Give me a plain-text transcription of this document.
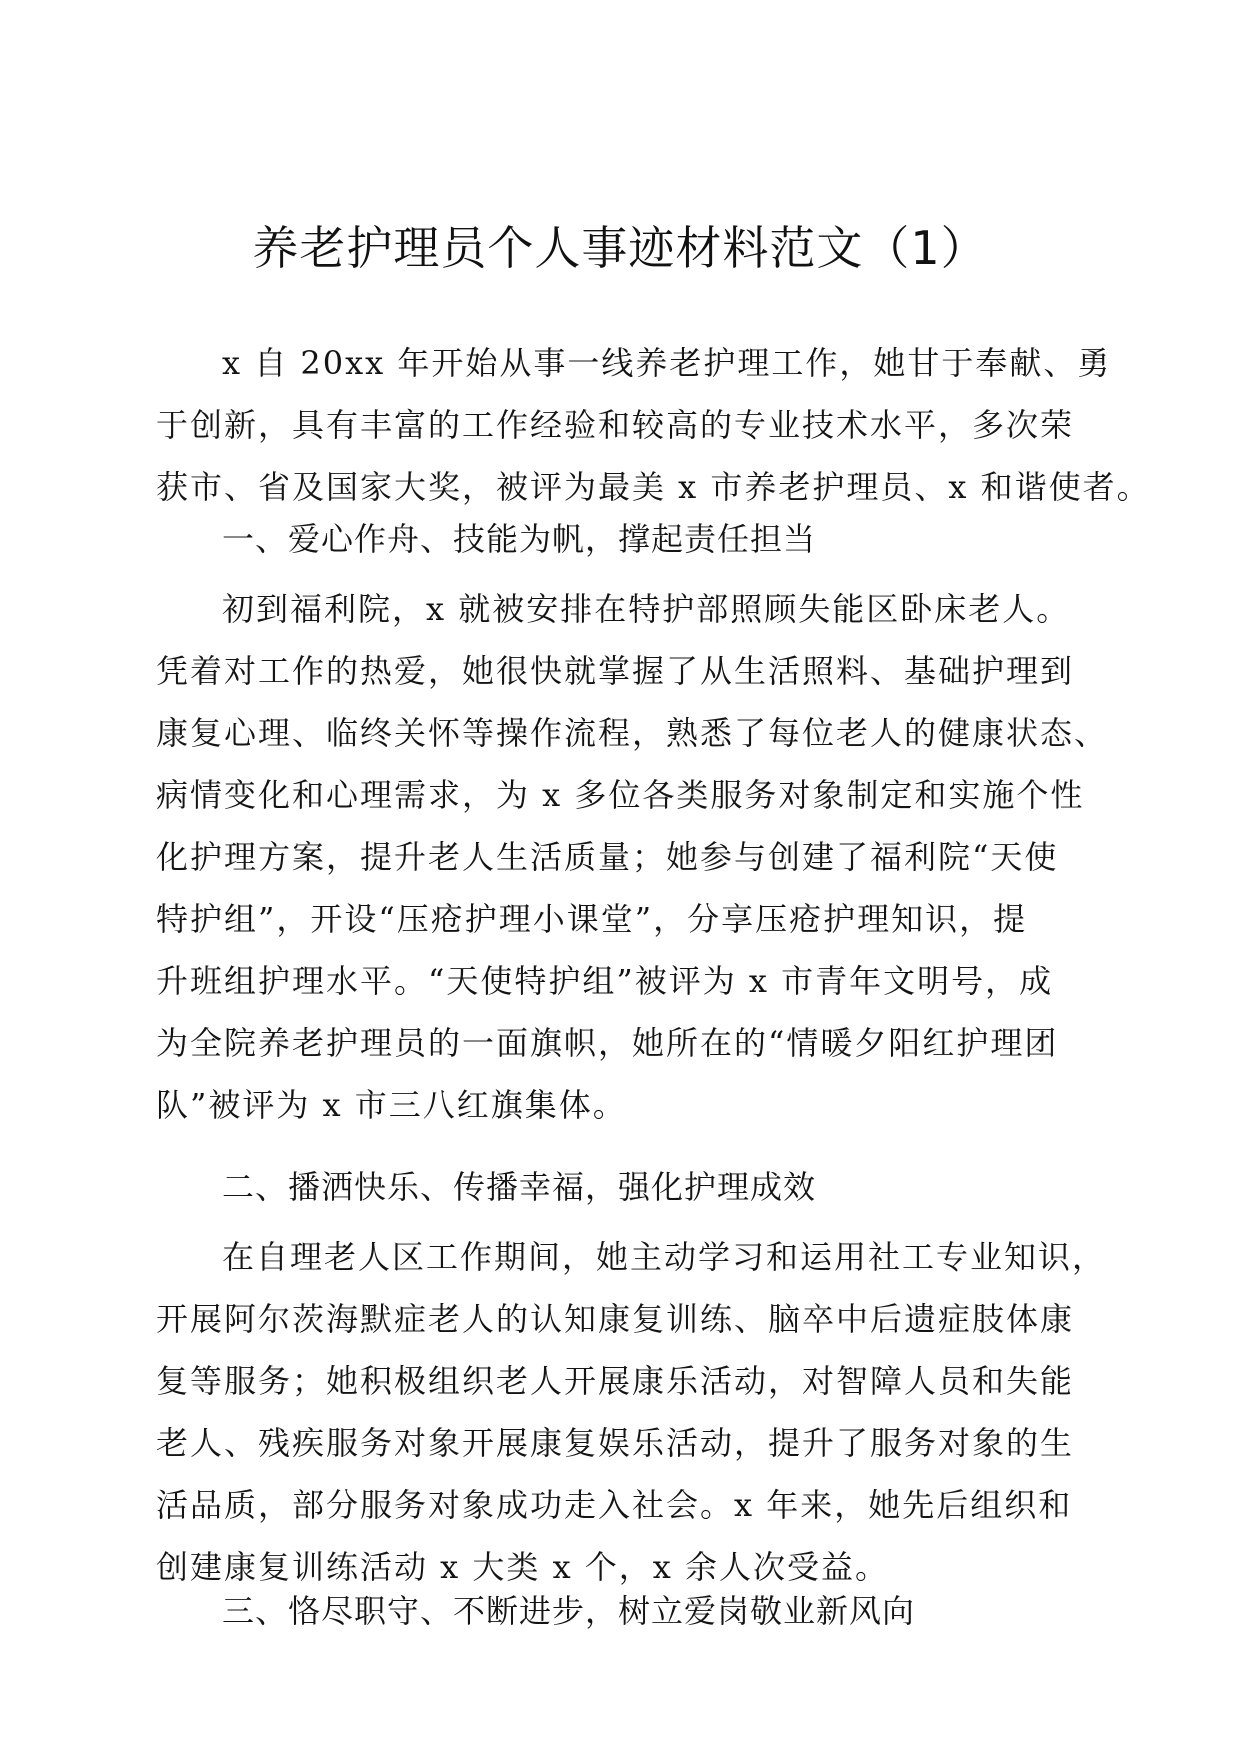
养老护理员个人事迹材料范文（1）

x 自 20xx 年开始从事一线养老护理工作，她甘于奉献、勇
于创新，具有丰富的工作经验和较高的专业技术水平，多次荣
获市、省及国家大奖，被评为最美 x 市养老护理员、x 和谐使者。

一、爱心作舟、技能为帆，撑起责任担当

初到福利院，x 就被安排在特护部照顾失能区卧床老人。
凭着对工作的热爱，她很快就掌握了从生活照料、基础护理到
康复心理、临终关怀等操作流程，熟悉了每位老人的健康状态、
病情变化和心理需求，为 x 多位各类服务对象制定和实施个性
化护理方案，提升老人生活质量；她参与创建了福利院“天使
特护组”，开设“压疮护理小课堂”，分享压疮护理知识，提
升班组护理水平。“天使特护组”被评为 x 市青年文明号，成
为全院养老护理员的一面旗帜，她所在的“情暖夕阳红护理团
队”被评为 x 市三八红旗集体。

二、播洒快乐、传播幸福，强化护理成效

在自理老人区工作期间，她主动学习和运用社工专业知识，
开展阿尔茨海默症老人的认知康复训练、脑卒中后遗症肢体康
复等服务；她积极组织老人开展康乐活动，对智障人员和失能
老人、残疾服务对象开展康复娱乐活动，提升了服务对象的生
活品质，部分服务对象成功走入社会。x 年来，她先后组织和
创建康复训练活动 x 大类 x 个，x 余人次受益。

三、恪尽职守、不断进步，树立爱岗敬业新风向
